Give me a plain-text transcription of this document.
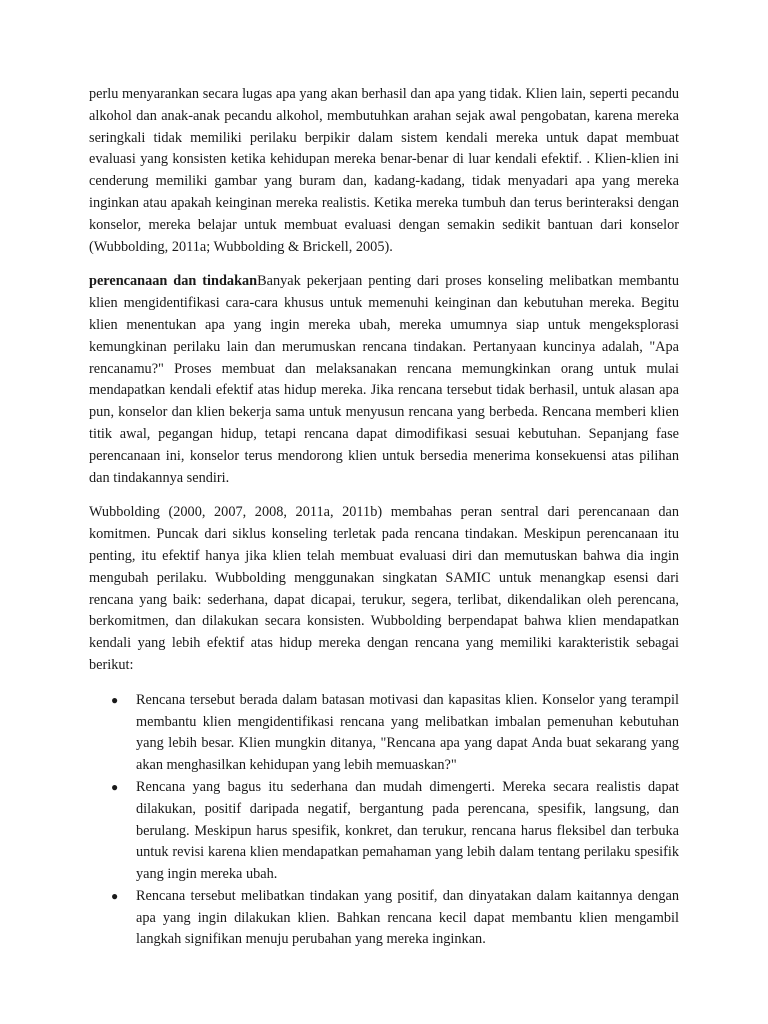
perlu menyarankan secara lugas apa yang akan berhasil dan apa yang tidak. Klien lain, seperti pecandu alkohol dan anak-anak pecandu alkohol, membutuhkan arahan sejak awal pengobatan, karena mereka seringkali tidak memiliki perilaku berpikir dalam sistem kendali mereka untuk dapat membuat evaluasi yang konsisten ketika kehidupan mereka benar-benar di luar kendali efektif. . Klien-klien ini cenderung memiliki gambar yang buram dan, kadang-kadang, tidak menyadari apa yang mereka inginkan atau apakah keinginan mereka realistis. Ketika mereka tumbuh dan terus berinteraksi dengan konselor, mereka belajar untuk membuat evaluasi dengan semakin sedikit bantuan dari konselor (Wubbolding, 2011a; Wubbolding & Brickell, 2005).

perencanaan dan tindakanBanyak pekerjaan penting dari proses konseling melibatkan membantu klien mengidentifikasi cara-cara khusus untuk memenuhi keinginan dan kebutuhan mereka. Begitu klien menentukan apa yang ingin mereka ubah, mereka umumnya siap untuk mengeksplorasi kemungkinan perilaku lain dan merumuskan rencana tindakan. Pertanyaan kuncinya adalah, "Apa rencanamu?" Proses membuat dan melaksanakan rencana memungkinkan orang untuk mulai mendapatkan kendali efektif atas hidup mereka. Jika rencana tersebut tidak berhasil, untuk alasan apa pun, konselor dan klien bekerja sama untuk menyusun rencana yang berbeda. Rencana memberi klien titik awal, pegangan hidup, tetapi rencana dapat dimodifikasi sesuai kebutuhan. Sepanjang fase perencanaan ini, konselor terus mendorong klien untuk bersedia menerima konsekuensi atas pilihan dan tindakannya sendiri.

Wubbolding (2000, 2007, 2008, 2011a, 2011b) membahas peran sentral dari perencanaan dan komitmen. Puncak dari siklus konseling terletak pada rencana tindakan. Meskipun perencanaan itu penting, itu efektif hanya jika klien telah membuat evaluasi diri dan memutuskan bahwa dia ingin mengubah perilaku. Wubbolding menggunakan singkatan SAMIC untuk menangkap esensi dari rencana yang baik: sederhana, dapat dicapai, terukur, segera, terlibat, dikendalikan oleh perencana, berkomitmen, dan dilakukan secara konsisten. Wubbolding berpendapat bahwa klien mendapatkan kendali yang lebih efektif atas hidup mereka dengan rencana yang memiliki karakteristik sebagai berikut:

● Rencana tersebut berada dalam batasan motivasi dan kapasitas klien. Konselor yang terampil membantu klien mengidentifikasi rencana yang melibatkan imbalan pemenuhan kebutuhan yang lebih besar. Klien mungkin ditanya, "Rencana apa yang dapat Anda buat sekarang yang akan menghasilkan kehidupan yang lebih memuaskan?"
● Rencana yang bagus itu sederhana dan mudah dimengerti. Mereka secara realistis dapat dilakukan, positif daripada negatif, bergantung pada perencana, spesifik, langsung, dan berulang. Meskipun harus spesifik, konkret, dan terukur, rencana harus fleksibel dan terbuka untuk revisi karena klien mendapatkan pemahaman yang lebih dalam tentang perilaku spesifik yang ingin mereka ubah.
● Rencana tersebut melibatkan tindakan yang positif, dan dinyatakan dalam kaitannya dengan apa yang ingin dilakukan klien. Bahkan rencana kecil dapat membantu klien mengambil langkah signifikan menuju perubahan yang mereka inginkan.
